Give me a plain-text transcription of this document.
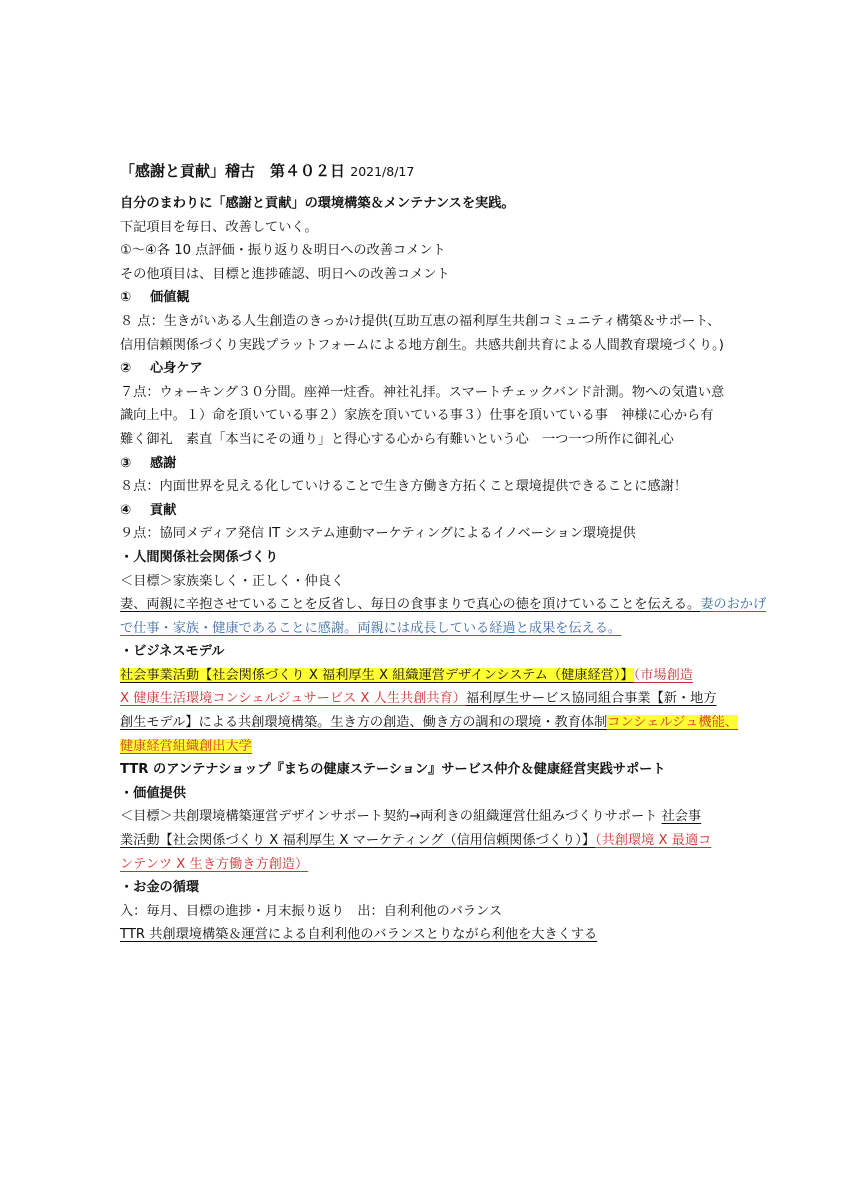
「感謝と貢献」稽古　第４０２日 2021/8/17
自分のまわりに「感謝と貢献」の環境構築＆メンテナンスを実践。
下記項目を毎日、改善していく。
①～④各 10 点評価・振り返り＆明日への改善コメント
その他項目は、目標と進捗確認、明日への改善コメント
① 価値観
８ 点：生きがいある人生創造のきっかけ提供(互助互恵の福利厚生共創コミュニティ構築＆サポート、
信用信頼関係づくり実践プラットフォームによる地方創生。共感共創共育による人間教育環境づくり。)
② 心身ケア
７点：ウォーキング３０分間。座禅一炷香。神社礼拝。スマートチェックバンド計測。物への気遣い意
識向上中。１）命を頂いている事２）家族を頂いている事３）仕事を頂いている事　神様に心から有
難く御礼　素直「本当にその通り」と得心する心から有難いという心　一つ一つ所作に御礼心
③ 感謝
８点：内面世界を見える化していけることで生き方働き方拓くこと環境提供できることに感謝！
④ 貢献
９点：協同メディア発信 IT システム連動マーケティングによるイノベーション環境提供
・人間関係社会関係づくり
＜目標＞家族楽しく・正しく・仲良く
妻、両親に辛抱させていることを反省し、毎日の食事まりで真心の徳を頂けていることを伝える。妻のおかげ
で仕事・家族・健康であることに感謝。両親には成長している経過と成果を伝える。
・ビジネスモデル
社会事業活動【社会関係づくり X 福利厚生 X 組織運営デザインシステム（健康経営）】（市場創造
X 健康生活環境コンシェルジュサービス X 人生共創共育）福利厚生サービス協同組合事業【新・地方
創生モデル】による共創環境構築。生き方の創造、働き方の調和の環境・教育体制コンシェルジュ機能、
健康経営組織創出大学
TTR のアンテナショップ『まちの健康ステーション』サービス仲介＆健康経営実践サポート
・価値提供
＜目標＞共創環境構築運営デザインサポート契約→両利きの組織運営仕組みづくりサポート 社会事
業活動【社会関係づくり X 福利厚生 X マーケティング（信用信頼関係づくり）】（共創環境 X 最適コ
ンテンツ X 生き方働き方創造）
・お金の循環
入：毎月、目標の進捗・月末振り返り　出：自利利他のバランス
TTR 共創環境構築＆運営による自利利他のバランスとりながら利他を大きくする
